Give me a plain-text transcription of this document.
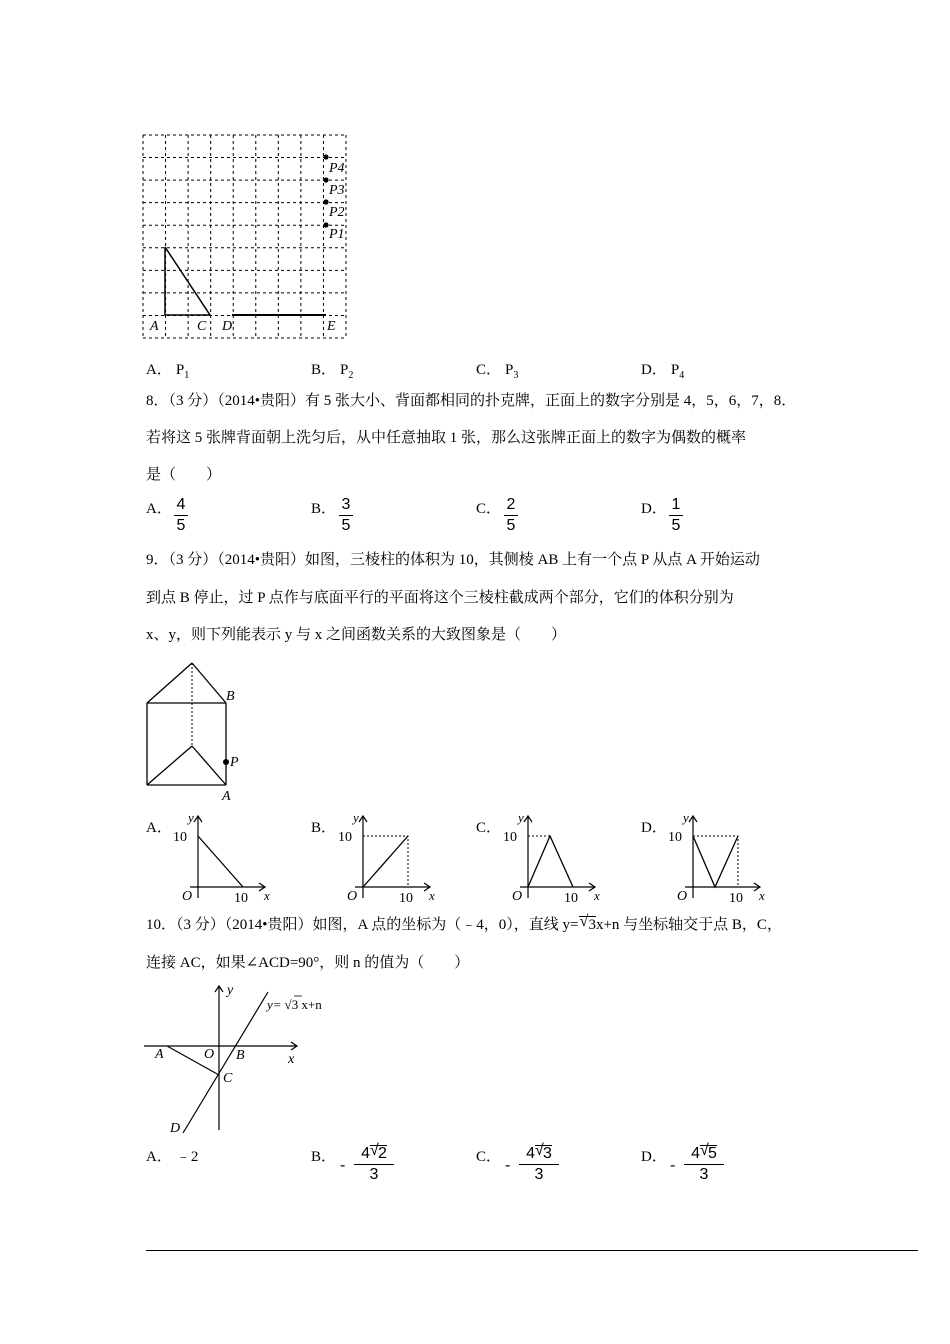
P4
P3
P2
P1
A	C D	E
A． $P_1$	B． $P_2$	C． $P_3$	D． $P_4$
8．（3 分）（2014•贵阳）有 5 张大小、背面都相同的扑克牌，正面上的数字分别是 4，5，6，7，8．
若将这 5 张牌背面朝上洗匀后，从中任意抽取 1 张，那么这张牌正面上的数字为偶数的概率
是（　　）
A． 4
5
B． 3
5
C． 2
5
D． 1
5
9．（3 分）（2014•贵阳）如图，三棱柱的体积为 10，其侧棱 AB 上有一个点 P 从点 A 开始运动
到点 B 停止，过 P 点作与底面平行的平面将这个三棱柱截成两个部分，它们的体积分别为
x、y，则下列能表示 y 与 x 之间函数关系的大致图象是（　　）
B
P
A
A．	B．	C．	D．
y
x
O
10
10
y
x
O
10
10
y
x
O
10
10
y
x
O
10
10
10．（3 分）（2014•贵阳）如图，A 点的坐标为（﹣4，0），直线 y= √ 3x+n 与坐标轴交于点 B，C，
连接 AC，如果∠ACD=90°，则 n 的值为（　　）
y
x
O
A	B
C
D
y= √3 x+n
A． ﹣2	B． -
4 √ 2
3
C． -
4 √ 3
3
D． -
4 √ 5
3
